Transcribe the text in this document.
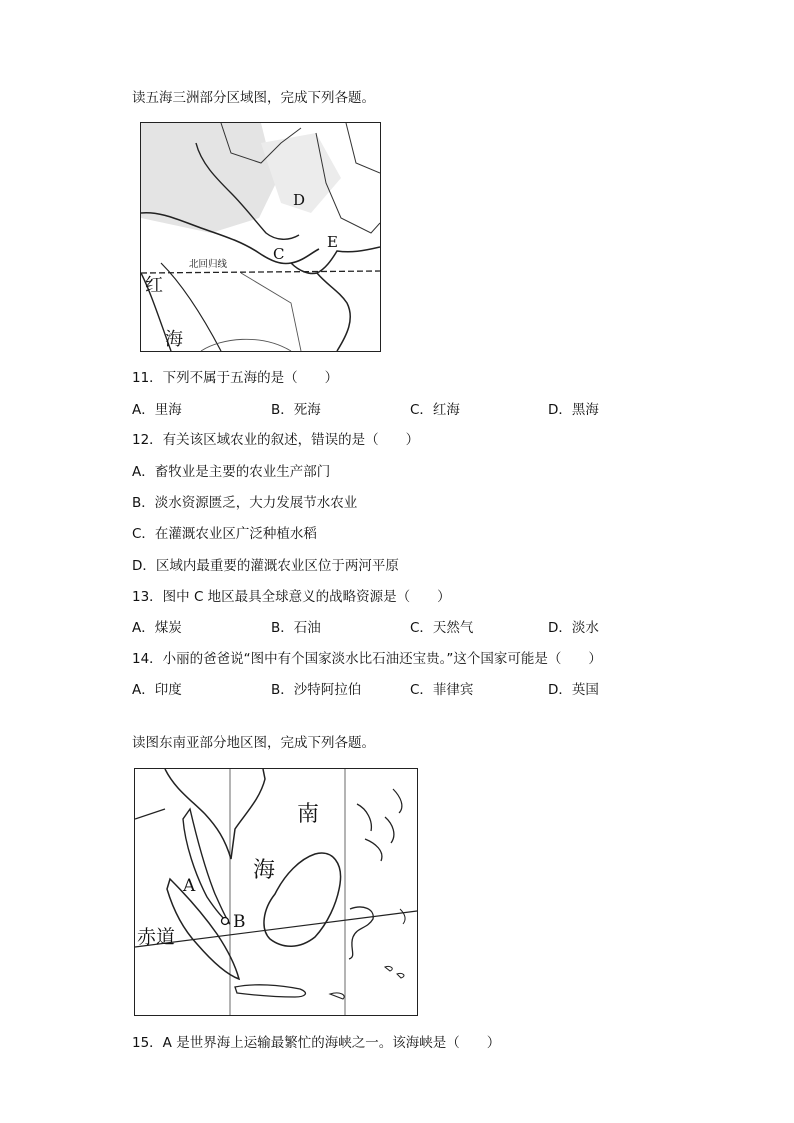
读五海三洲部分区域图，完成下列各题。
D
C
E
北回归线
红
海
11．下列不属于五海的是（　　）
A．里海	B．死海	C．红海	D．黑海
12．有关该区域农业的叙述，错误的是（　　）
A．畜牧业是主要的农业生产部门
B．淡水资源匮乏，大力发展节水农业
C．在灌溉农业区广泛种植水稻
D．区域内最重要的灌溉农业区位于两河平原
13．图中 C 地区最具全球意义的战略资源是（　　）
A．煤炭	B．石油	C．天然气	D．淡水
14．小丽的爸爸说“图中有个国家淡水比石油还宝贵。”这个国家可能是（　　）
A．印度	B．沙特阿拉伯	C．菲律宾	D．英国
读图东南亚部分地区图，完成下列各题。
南
海
A
B
赤道
15．A 是世界海上运输最繁忙的海峡之一。该海峡是（　　）
